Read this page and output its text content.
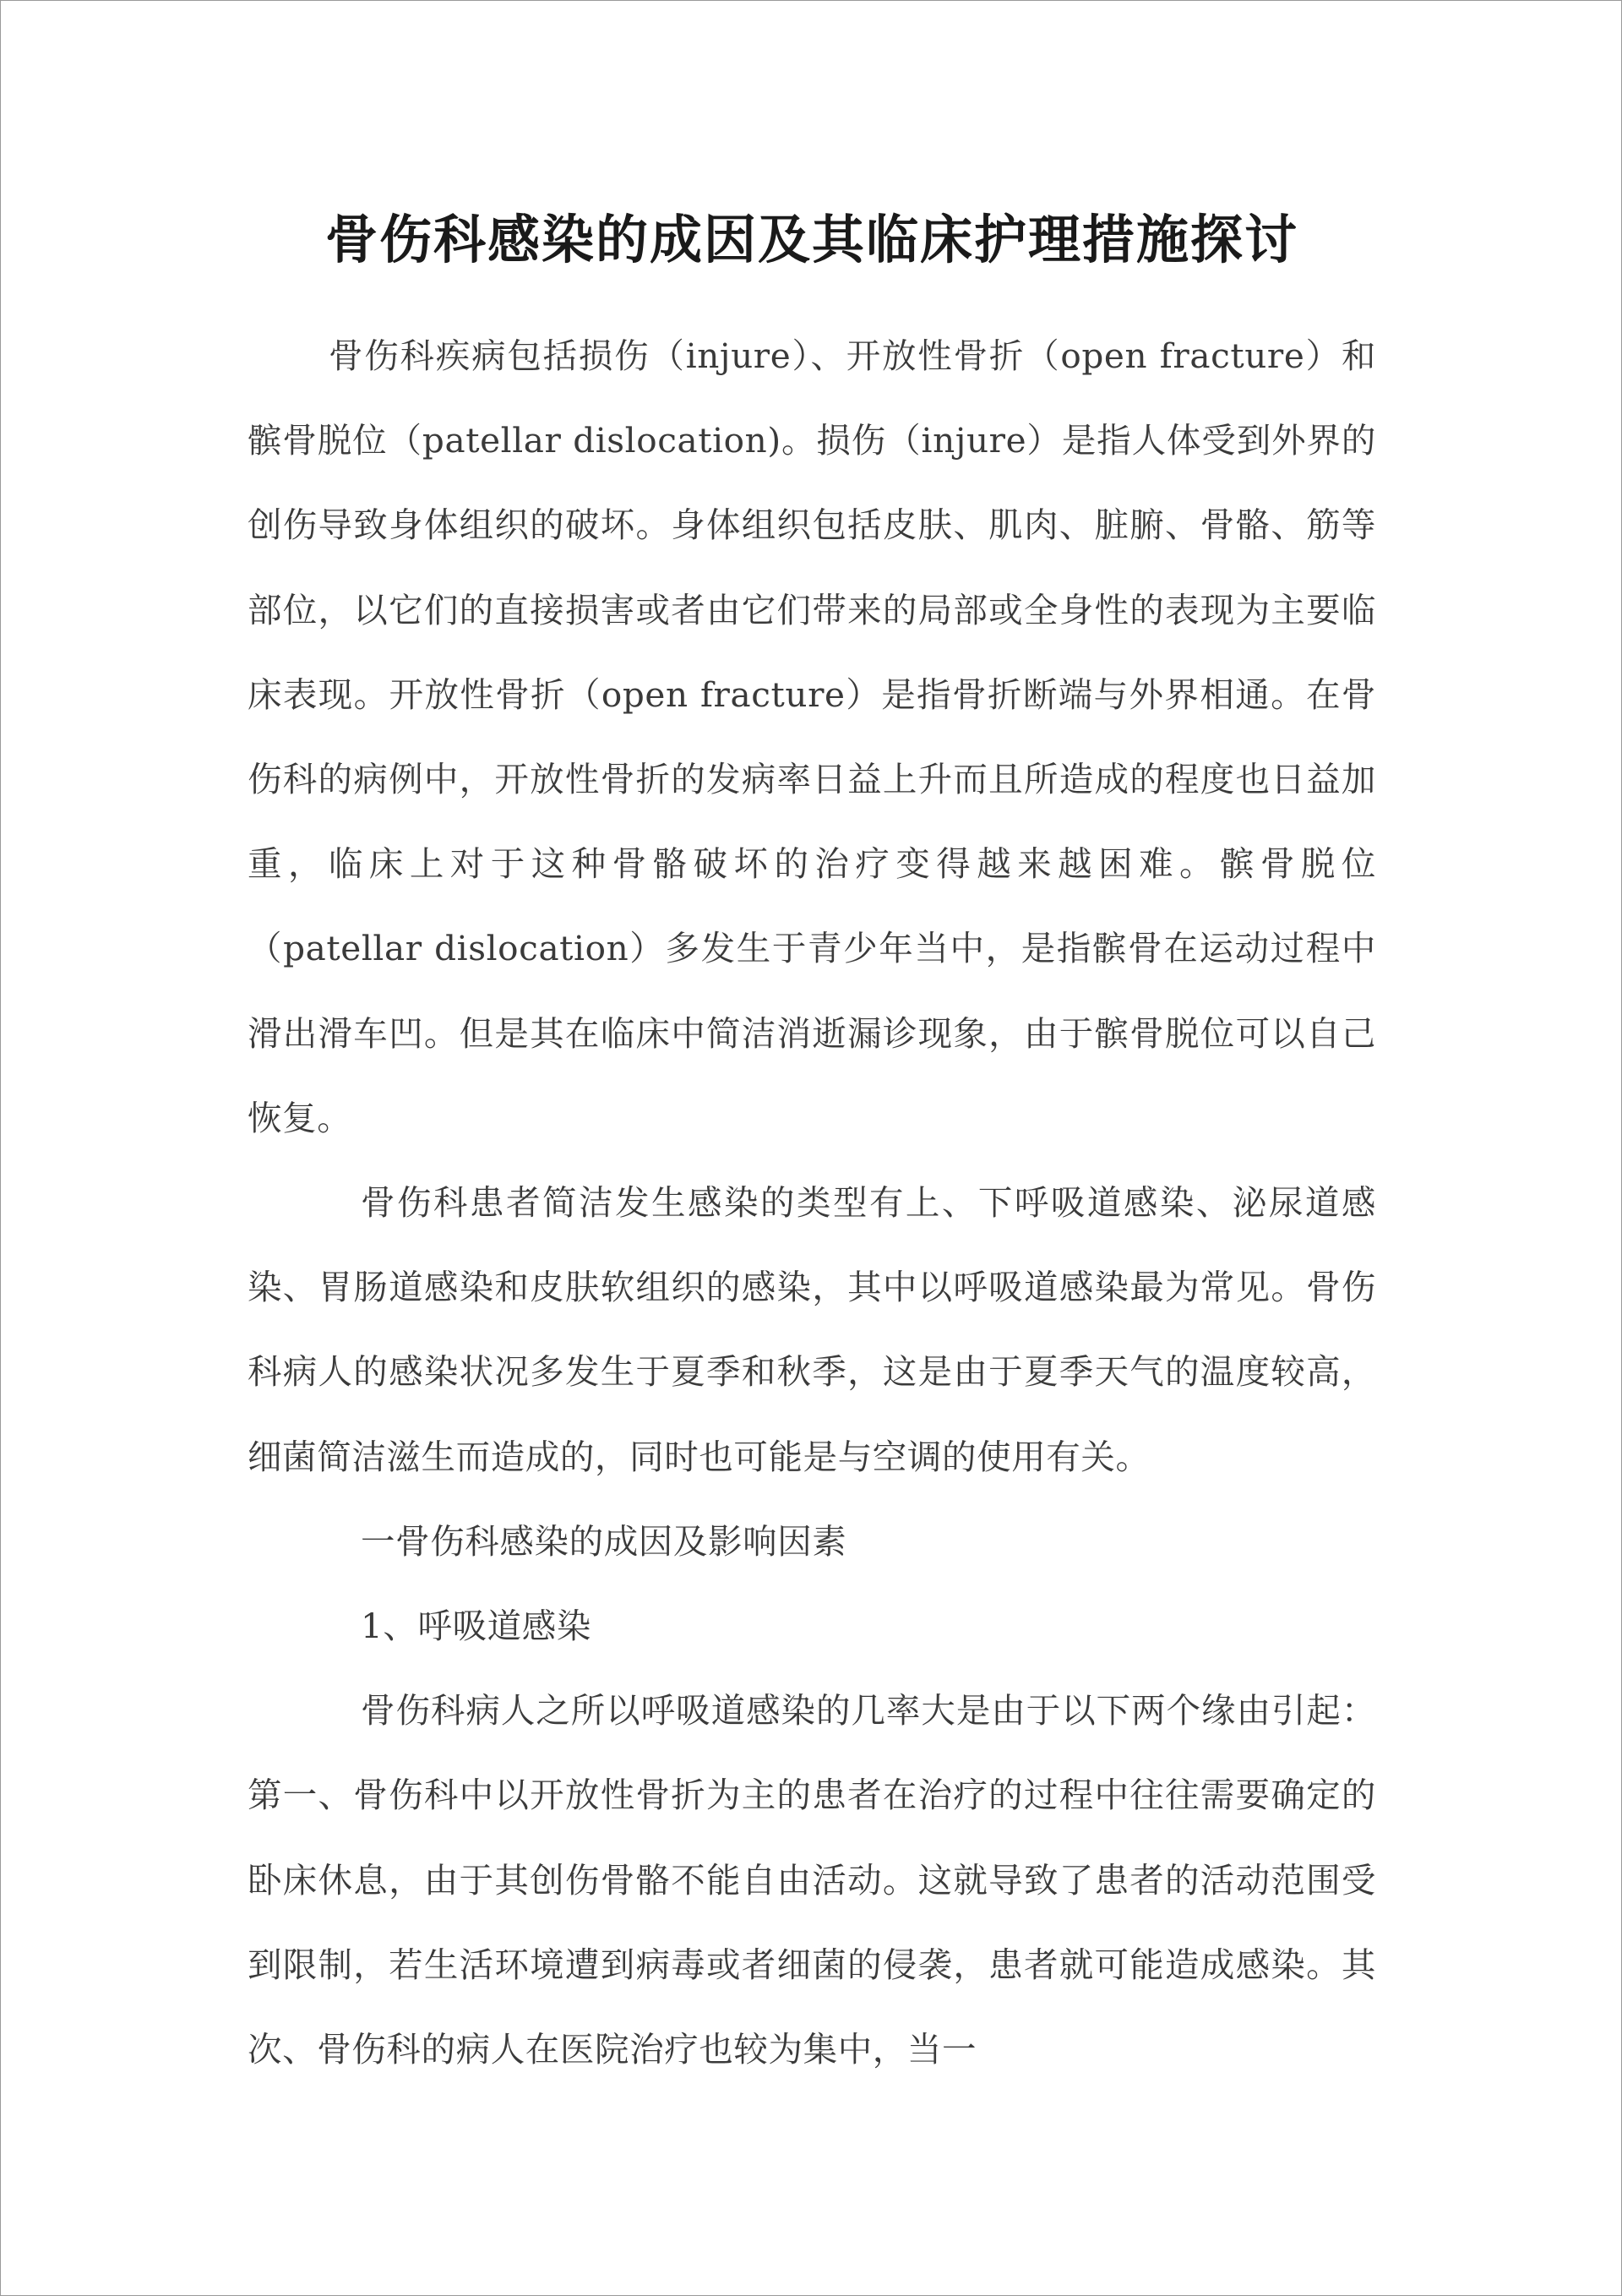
骨伤科感染的成因及其临床护理措施探讨

骨伤科疾病包括损伤（injure）、开放性骨折（open fracture）和髌骨脱位（patellar dislocation)。损伤（injure）是指人体受到外界的创伤导致身体组织的破坏。身体组织包括皮肤、肌肉、脏腑、骨骼、筋等部位，以它们的直接损害或者由它们带来的局部或全身性的表现为主要临床表现。开放性骨折（open fracture）是指骨折断端与外界相通。在骨伤科的病例中，开放性骨折的发病率日益上升而且所造成的程度也日益加重，临床上对于这种骨骼破坏的治疗变得越来越困难。髌骨脱位（patellar dislocation）多发生于青少年当中，是指髌骨在运动过程中滑出滑车凹。但是其在临床中简洁消逝漏诊现象，由于髌骨脱位可以自己恢复。

骨伤科患者简洁发生感染的类型有上、下呼吸道感染、泌尿道感染、胃肠道感染和皮肤软组织的感染，其中以呼吸道感染最为常见。骨伤科病人的感染状况多发生于夏季和秋季，这是由于夏季天气的温度较高，细菌简洁滋生而造成的，同时也可能是与空调的使用有关。

一骨伤科感染的成因及影响因素

1、呼吸道感染

骨伤科病人之所以呼吸道感染的几率大是由于以下两个缘由引起：第一、骨伤科中以开放性骨折为主的患者在治疗的过程中往往需要确定的卧床休息，由于其创伤骨骼不能自由活动。这就导致了患者的活动范围受到限制，若生活环境遭到病毒或者细菌的侵袭，患者就可能造成感染。其次、骨伤科的病人在医院治疗也较为集中，当一
